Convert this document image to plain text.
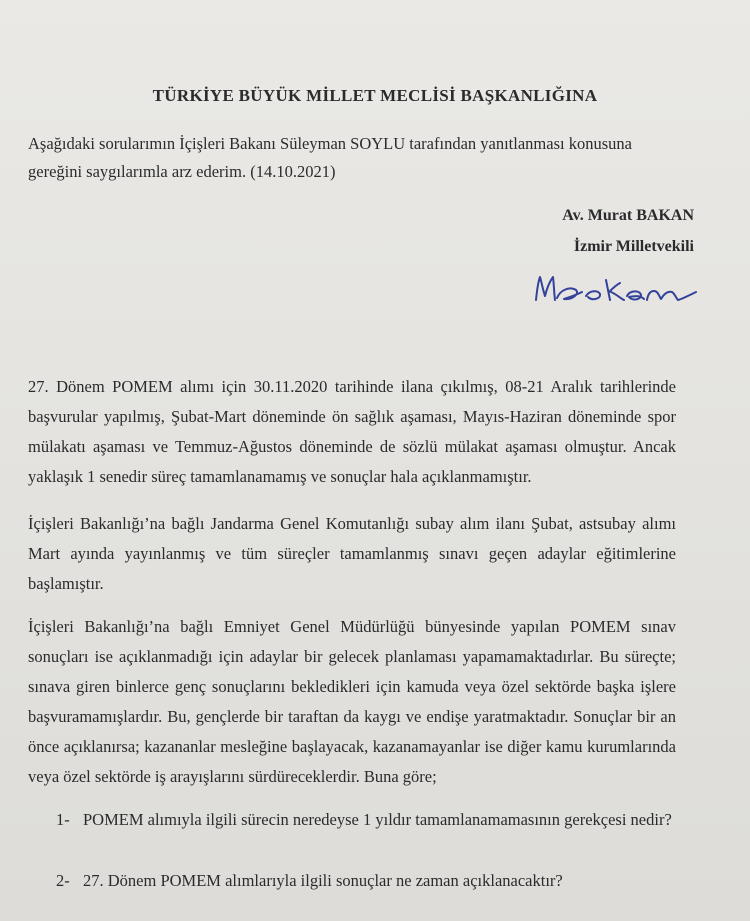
TÜRKİYE BÜYÜK MİLLET MECLİSİ BAŞKANLIĞINA

Aşağıdaki sorularımın İçişleri Bakanı Süleyman SOYLU tarafından yanıtlanması konusuna gereğini saygılarımla arz ederim. (14.10.2021)

Av. Murat BAKAN
İzmir Milletvekili

27. Dönem POMEM alımı için 30.11.2020 tarihinde ilana çıkılmış, 08-21 Aralık tarihlerinde başvurular yapılmış, Şubat-Mart döneminde ön sağlık aşaması, Mayıs-Haziran döneminde spor mülakatı aşaması ve Temmuz-Ağustos döneminde de sözlü mülakat aşaması olmuştur. Ancak yaklaşık 1 senedir süreç tamamlanamamış ve sonuçlar hala açıklanmamıştır.

İçişleri Bakanlığı’na bağlı Jandarma Genel Komutanlığı subay alım ilanı Şubat, astsubay alımı Mart ayında yayınlanmış ve tüm süreçler tamamlanmış sınavı geçen adaylar eğitimlerine başlamıştır.

İçişleri Bakanlığı’na bağlı Emniyet Genel Müdürlüğü bünyesinde yapılan POMEM sınav sonuçları ise açıklanmadığı için adaylar bir gelecek planlaması yapamamaktadırlar. Bu süreçte; sınava giren binlerce genç sonuçlarını bekledikleri için kamuda veya özel sektörde başka işlere başvuramamışlardır. Bu, gençlerde bir taraftan da kaygı ve endişe yaratmaktadır. Sonuçlar bir an önce açıklanırsa; kazananlar mesleğine başlayacak, kazanamayanlar ise diğer kamu kurumlarında veya özel sektörde iş arayışlarını sürdüreceklerdir. Buna göre;

1- POMEM alımıyla ilgili sürecin neredeyse 1 yıldır tamamlanamamasının gerekçesi nedir?
2- 27. Dönem POMEM alımlarıyla ilgili sonuçlar ne zaman açıklanacaktır?
